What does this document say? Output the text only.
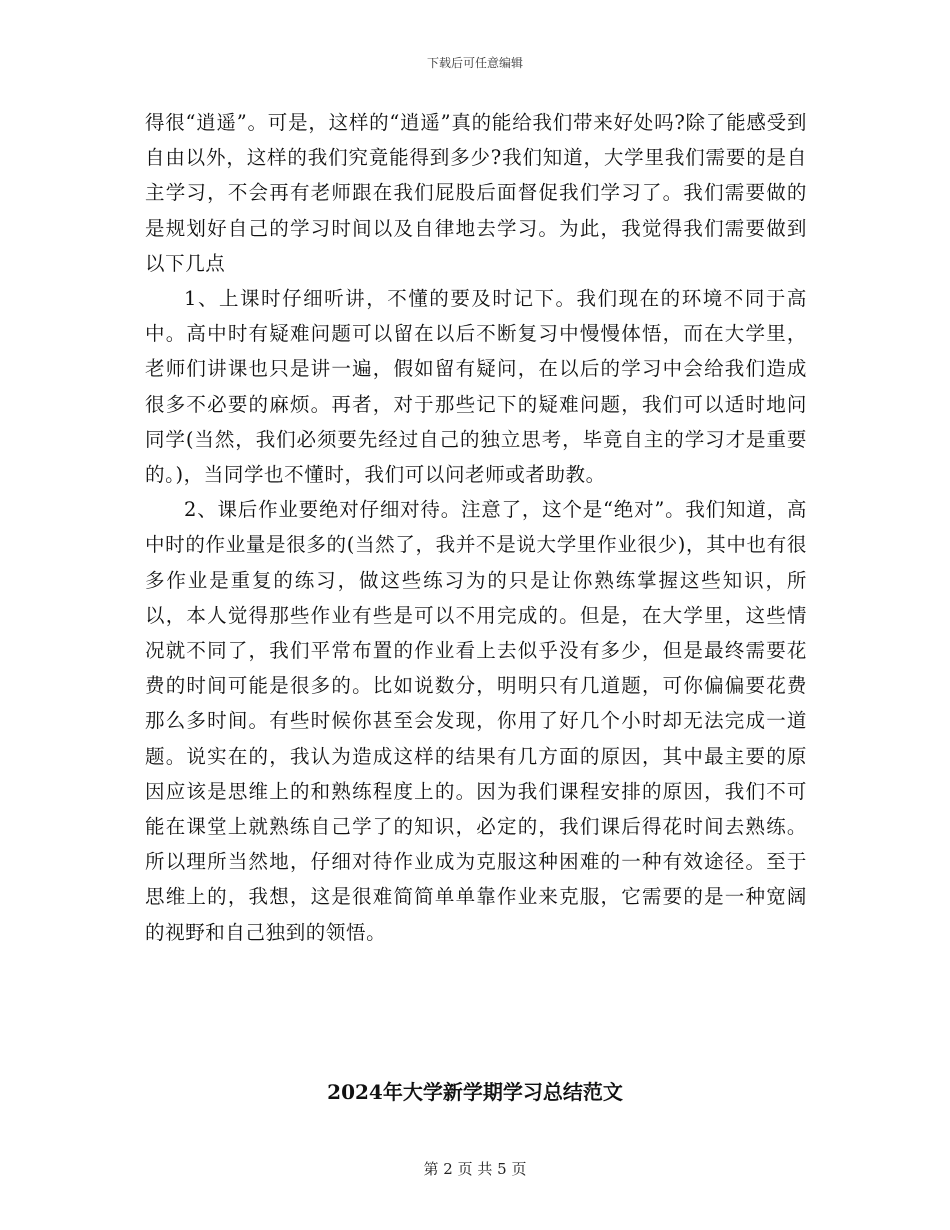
下载后可任意编辑

得很“逍遥”。可是，这样的“逍遥”真的能给我们带来好处吗?除了能感受到自由以外，这样的我们究竟能得到多少?我们知道，大学里我们需要的是自主学习，不会再有老师跟在我们屁股后面督促我们学习了。我们需要做的是规划好自己的学习时间以及自律地去学习。为此，我觉得我们需要做到以下几点

1、上课时仔细听讲，不懂的要及时记下。我们现在的环境不同于高中。高中时有疑难问题可以留在以后不断复习中慢慢体悟，而在大学里，老师们讲课也只是讲一遍，假如留有疑问，在以后的学习中会给我们造成很多不必要的麻烦。再者，对于那些记下的疑难问题，我们可以适时地问同学(当然，我们必须要先经过自己的独立思考，毕竟自主的学习才是重要的。)，当同学也不懂时，我们可以问老师或者助教。

2、课后作业要绝对仔细对待。注意了，这个是“绝对”。我们知道，高中时的作业量是很多的(当然了，我并不是说大学里作业很少)，其中也有很多作业是重复的练习，做这些练习为的只是让你熟练掌握这些知识，所以，本人觉得那些作业有些是可以不用完成的。但是，在大学里，这些情况就不同了，我们平常布置的作业看上去似乎没有多少，但是最终需要花费的时间可能是很多的。比如说数分，明明只有几道题，可你偏偏要花费那么多时间。有些时候你甚至会发现，你用了好几个小时却无法完成一道题。说实在的，我认为造成这样的结果有几方面的原因，其中最主要的原因应该是思维上的和熟练程度上的。因为我们课程安排的原因，我们不可能在课堂上就熟练自己学了的知识，必定的，我们课后得花时间去熟练。所以理所当然地，仔细对待作业成为克服这种困难的一种有效途径。至于思维上的，我想，这是很难简简单单靠作业来克服，它需要的是一种宽阔的视野和自己独到的领悟。

2024年大学新学期学习总结范文
第 2 页 共 5 页
